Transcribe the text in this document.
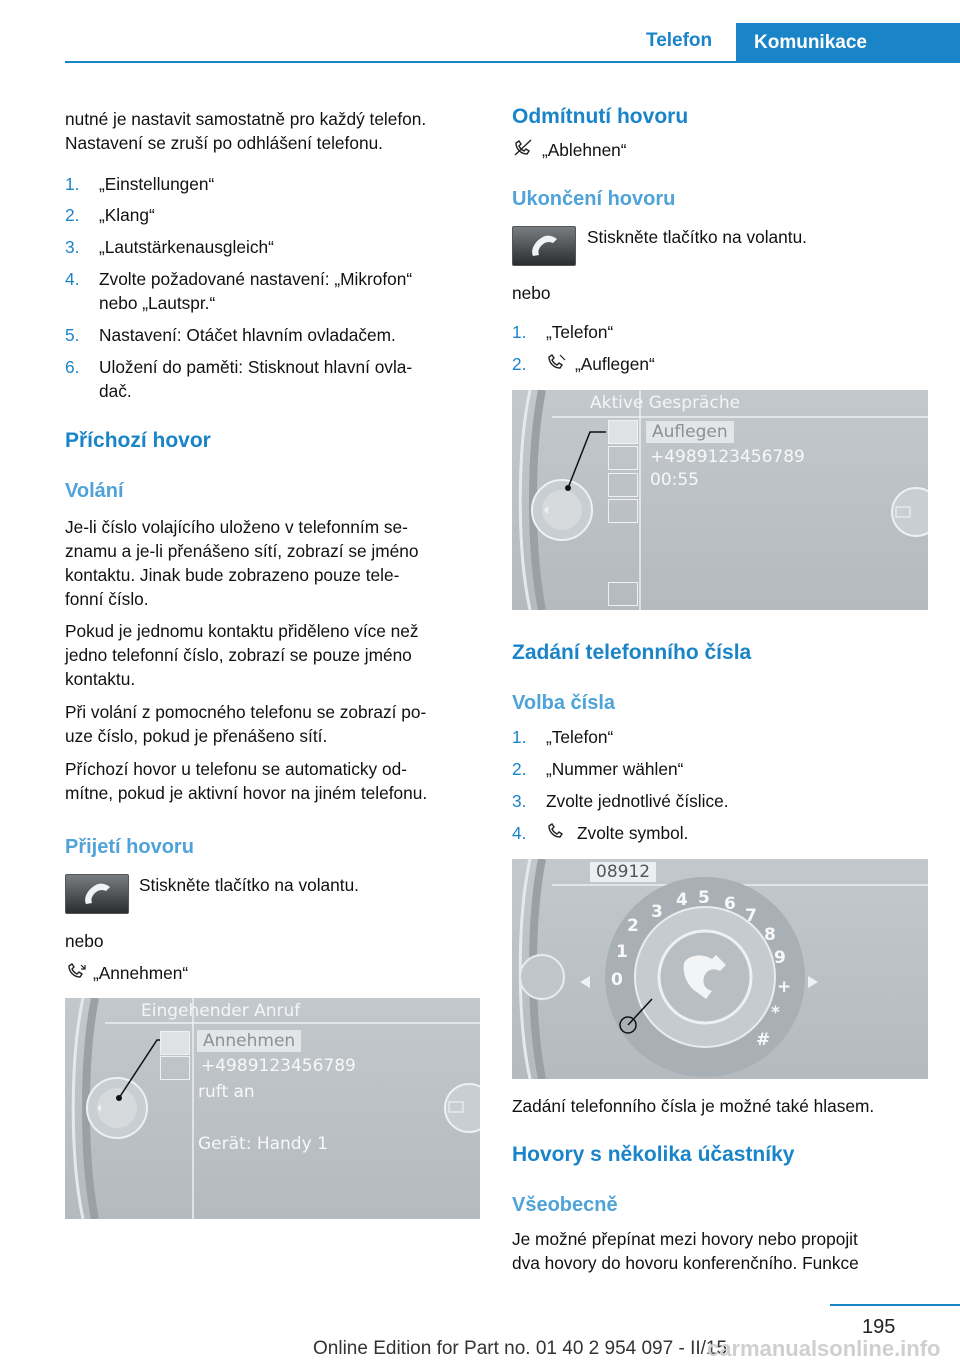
Telefon	Komunikace
nutné je nastavit samostatně pro každý telefon.
Nastavení se zruší po odhlášení telefonu.
1. „Einstellungen“
2. „Klang“
3. „Lautstärkenausgleich“
4. Zvolte požadované nastavení: „Mikrofon“
nebo „Lautspr.“
5. Nastavení: Otáčet hlavním ovladačem.
6. Uložení do paměti: Stisknout hlavní ovla‐
dač.
Příchozí hovor
Volání
Je-li číslo volajícího uloženo v telefonním se‐
znamu a je-li přenášeno sítí, zobrazí se jméno
kontaktu. Jinak bude zobrazeno pouze tele‐
fonní číslo.
Pokud je jednomu kontaktu přiděleno více než
jedno telefonní číslo, zobrazí se pouze jméno
kontaktu.
Při volání z pomocného telefonu se zobrazí po‐
uze číslo, pokud je přenášeno sítí.
Příchozí hovor u telefonu se automaticky od‐
mítne, pokud je aktivní hovor na jiném telefonu.
Přijetí hovoru
Stiskněte tlačítko na volantu.
nebo
„Annehmen“
Eingehender Anruf
Annehmen
+4989123456789
ruft an
Gerät: Handy 1
Odmítnutí hovoru
„Ablehnen“
Ukončení hovoru
Stiskněte tlačítko na volantu.
nebo
1. „Telefon“
2.	„Auflegen“
Aktive Gespräche
Auflegen
+4989123456789
00:55
Zadání telefonního čísla
Volba čísla
1. „Telefon“
2. „Nummer wählen“
3. Zvolte jednotlivé číslice.
4.	Zvolte symbol.
08912
0
1
2
3
4 5 6
7
8
9
+
*
#
Zadání telefonního čísla je možné také hlasem.
Hovory s několika účastníky
Všeobecně
Je možné přepínat mezi hovory nebo propojit
dva hovory do hovoru konferenčního. Funkce
195
Online Edition for Part no. 01 40 2 954 097 - II/15
carmanualsonline.info
